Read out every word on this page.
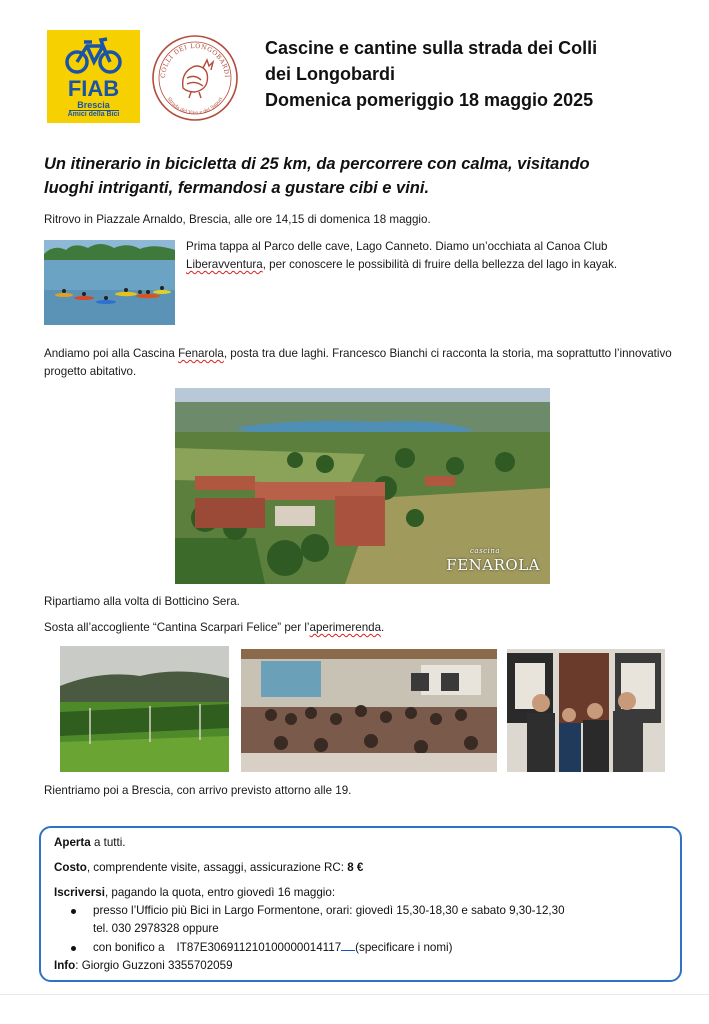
FIAB
Brescia
Amici della Bici
COLLI DEI LONGOBARDI
Strada del Vino e dei Sapori
Cascine e cantine sulla strada dei Colli
dei Longobardi
Domenica pomeriggio 18 maggio 2025
Un itinerario in bicicletta di 25 km, da percorrere con calma, visitando
luoghi intriganti, fermandosi a gustare cibi e vini.
Ritrovo in Piazzale Arnaldo, Brescia, alle ore 14,15 di domenica 18 maggio.
Prima tappa al Parco delle cave, Lago Canneto. Diamo un’occhiata al Canoa Club Liberavventura, per conoscere le possibilità di fruire della bellezza del lago in kayak.
Andiamo poi alla Cascina Fenarola, posta tra due laghi. Francesco Bianchi ci racconta la storia, ma soprattutto l’innovativo progetto abitativo.
cascina
FENAROLA
Ripartiamo alla volta di Botticino Sera.
Sosta all’accogliente “Cantina Scarpari Felice” per l’aperimerenda.
Rientriamo poi a Brescia, con arrivo previsto attorno alle 19.
Aperta a tutti.
Costo, comprendente visite, assaggi, assicurazione RC: 8 €
Iscriversi, pagando la quota, entro giovedì 16 maggio:
presso l’Ufficio più Bici in Largo Formentone, orari: giovedì 15,30-18,30 e sabato 9,30-12,30
tel. 030 2978328 oppure
con bonifico a IT87E306911210100000014117 (specificare i nomi)
Info: Giorgio Guzzoni 3355702059
